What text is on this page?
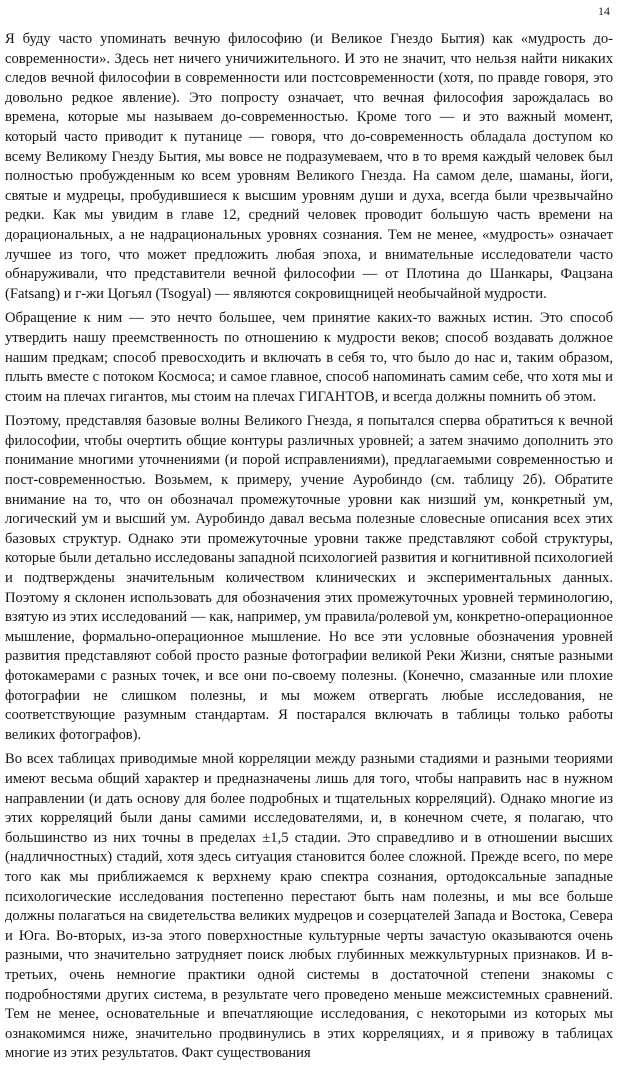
14

Я буду часто упоминать вечную философию (и Великое Гнездо Бытия) как «мудрость до-современности». Здесь нет ничего уничижительного. И это не значит, что нельзя найти никаких следов вечной философии в современности или постсовременности (хотя, по правде говоря, это довольно редкое явление). Это попросту означает, что вечная философия зарождалась во времена, которые мы называем до-современностью. Кроме того — и это важный момент, который часто приводит к путанице — говоря, что до-современность обладала доступом ко всему Великому Гнезду Бытия, мы вовсе не подразумеваем, что в то время каждый человек был полностью пробужденным ко всем уровням Великого Гнезда. На самом деле, шаманы, йоги, святые и мудрецы, пробудившиеся к высшим уровням души и духа, всегда были чрезвычайно редки. Как мы увидим в главе 12, средний человек проводит большую часть времени на дорациональных, а не надрациональных уровнях сознания. Тем не менее, «мудрость» означает лучшее из того, что может предложить любая эпоха, и внимательные исследователи часто обнаруживали, что представители вечной философии — от Плотина до Шанкары, Фацзана (Fatsang) и г-жи Цогьял (Tsogyal) — являются сокровищницей необычайной мудрости.

Обращение к ним — это нечто большее, чем принятие каких-то важных истин. Это способ утвердить нашу преемственность по отношению к мудрости веков; способ воздавать должное нашим предкам; способ превосходить и включать в себя то, что было до нас и, таким образом, плыть вместе с потоком Космоса; и самое главное, способ напоминать самим себе, что хотя мы и стоим на плечах гигантов, мы стоим на плечах ГИГАНТОВ, и всегда должны помнить об этом.

Поэтому, представляя базовые волны Великого Гнезда, я попытался сперва обратиться к вечной философии, чтобы очертить общие контуры различных уровней; а затем значимо дополнить это понимание многими уточнениями (и порой исправлениями), предлагаемыми современностью и пост-современностью. Возьмем, к примеру, учение Ауробиндо (см. таблицу 2б). Обратите внимание на то, что он обозначал промежуточные уровни как низший ум, конкретный ум, логический ум и высший ум. Ауробиндо давал весьма полезные словесные описания всех этих базовых структур. Однако эти промежуточные уровни также представляют собой структуры, которые были детально исследованы западной психологией развития и когнитивной психологией и подтверждены значительным количеством клинических и экспериментальных данных. Поэтому я склонен использовать для обозначения этих промежуточных уровней терминологию, взятую из этих исследований — как, например, ум правила/ролевой ум, конкретно-операционное мышление, формально-операционное мышление. Но все эти условные обозначения уровней развития представляют собой просто разные фотографии великой Реки Жизни, снятые разными фотокамерами с разных точек, и все они по-своему полезны. (Конечно, смазанные или плохие фотографии не слишком полезны, и мы можем отвергать любые исследования, не соответствующие разумным стандартам. Я постарался включать в таблицы только работы великих фотографов).

Во всех таблицах приводимые мной корреляции между разными стадиями и разными теориями имеют весьма общий характер и предназначены лишь для того, чтобы направить нас в нужном направлении (и дать основу для более подробных и тщательных корреляций). Однако многие из этих корреляций были даны самими исследователями, и, в конечном счете, я полагаю, что большинство из них точны в пределах ±1,5 стадии. Это справедливо и в отношении высших (надличностных) стадий, хотя здесь ситуация становится более сложной. Прежде всего, по мере того как мы приближаемся к верхнему краю спектра сознания, ортодоксальные западные психологические исследования постепенно перестают быть нам полезны, и мы все больше должны полагаться на свидетельства великих мудрецов и созерцателей Запада и Востока, Севера и Юга. Во-вторых, из-за этого поверхностные культурные черты зачастую оказываются очень разными, что значительно затрудняет поиск любых глубинных межкультурных признаков. И в-третьих, очень немногие практики одной системы в достаточной степени знакомы с подробностями других система, в результате чего проведено меньше межсистемных сравнений. Тем не менее, основательные и впечатляющие исследования, с некоторыми из которых мы ознакомимся ниже, значительно продвинулись в этих корреляциях, и я привожу в таблицах многие из этих результатов. Факт существования
